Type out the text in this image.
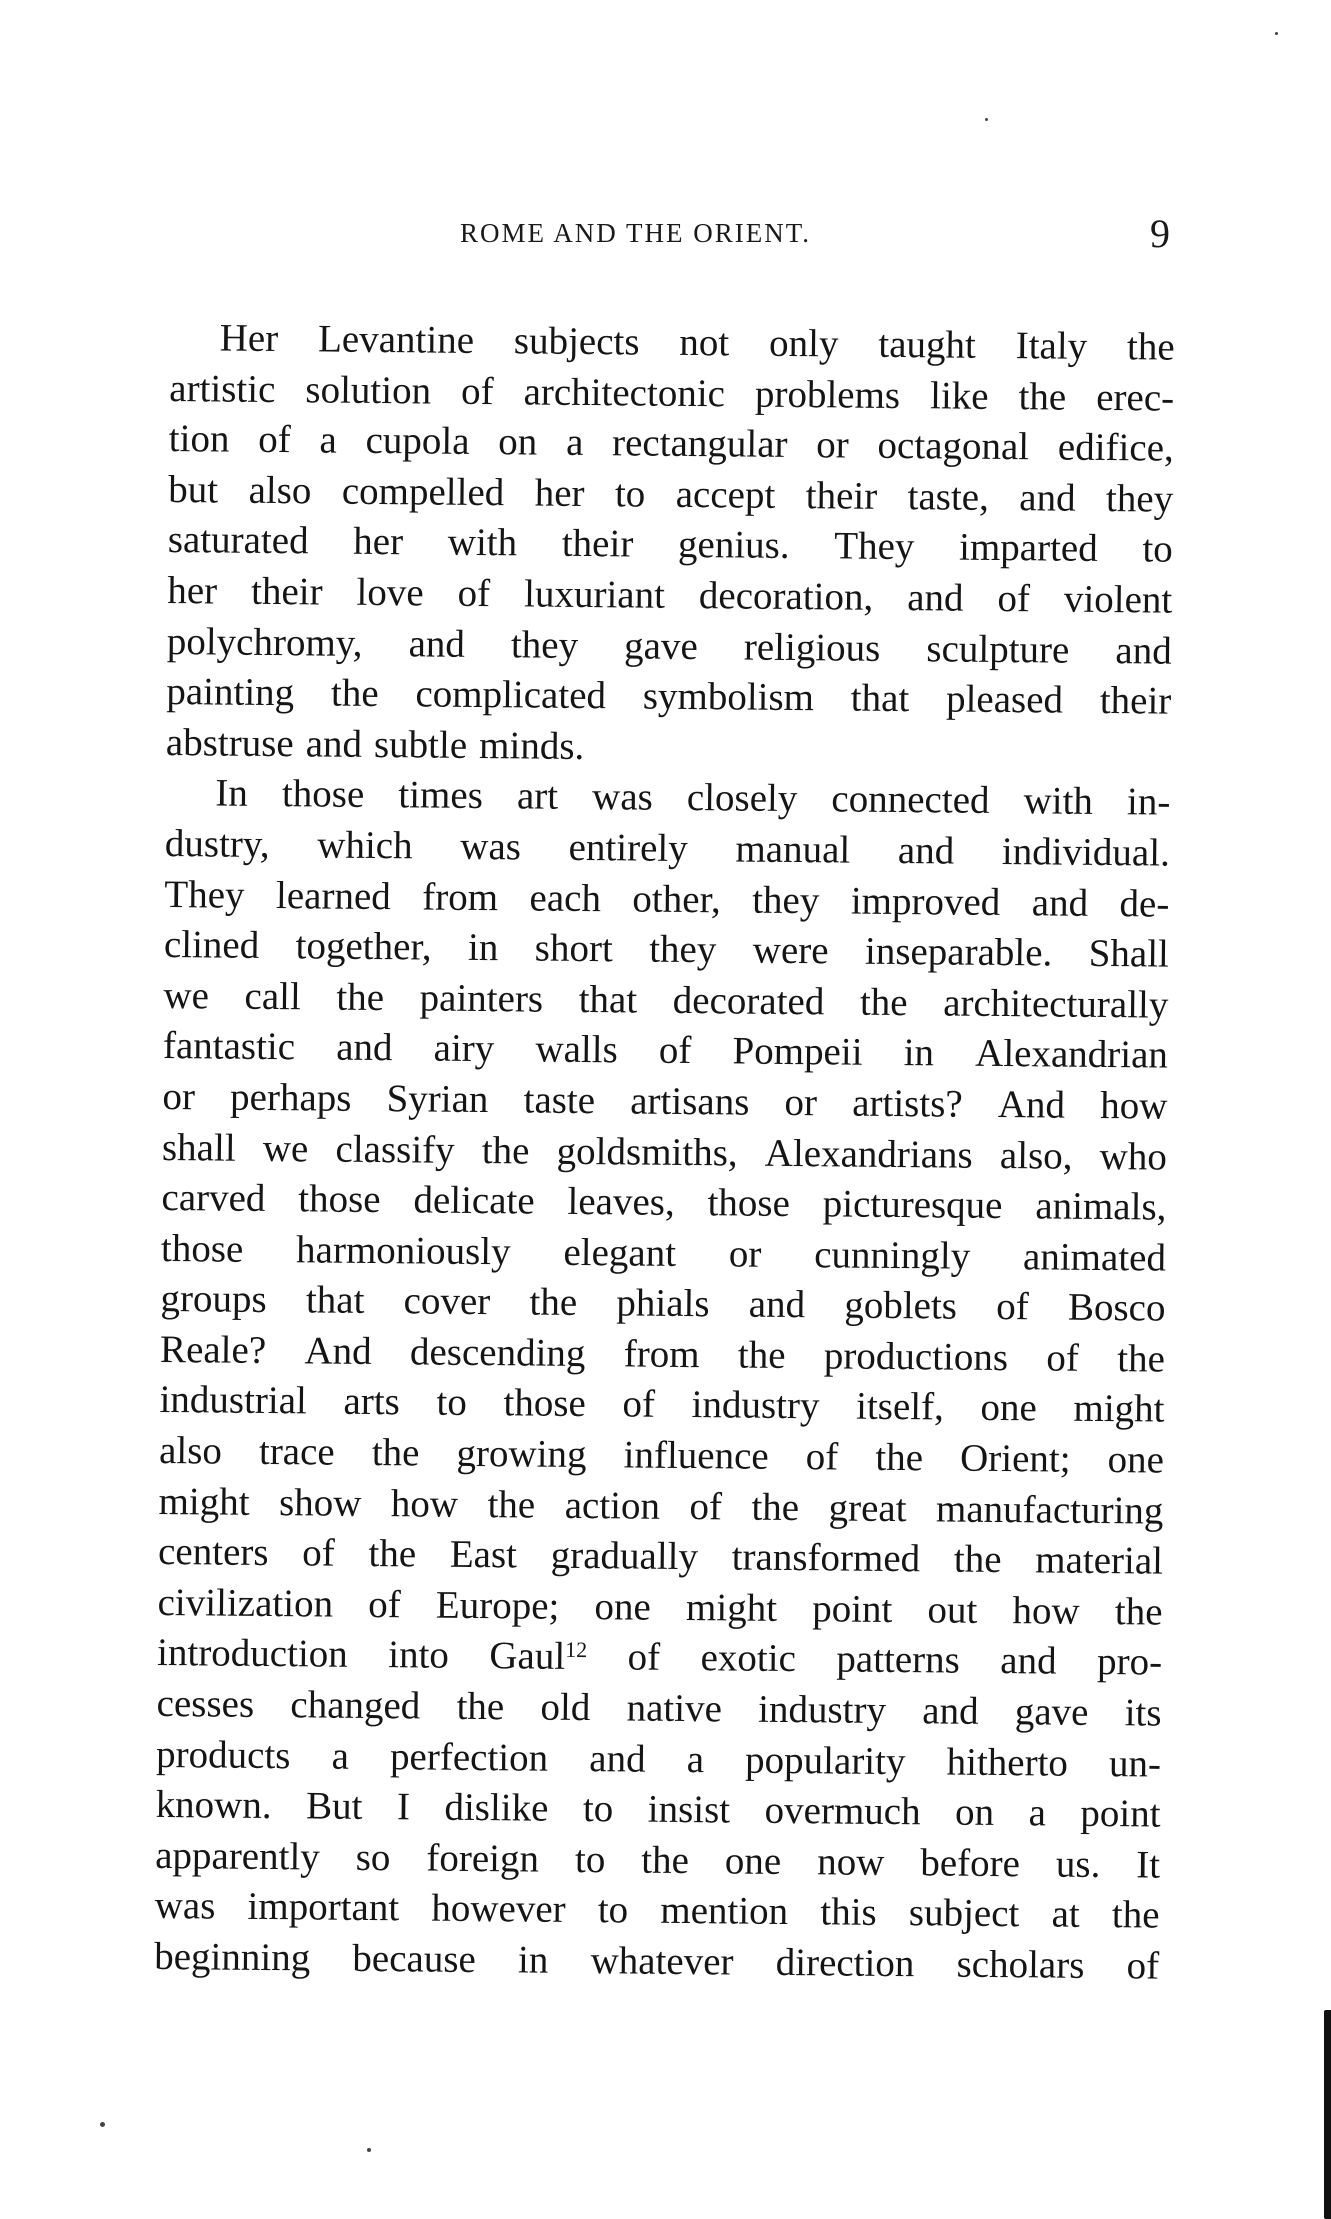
ROME AND THE ORIENT.	9
Her Levantine subjects not only taught Italy the
artistic solution of architectonic problems like the erec-
tion of a cupola on a rectangular or octagonal edifice,
but also compelled her to accept their taste, and they
saturated her with their genius. They imparted to
her their love of luxuriant decoration, and of violent
polychromy, and they gave religious sculpture and
painting the complicated symbolism that pleased their
abstruse and subtle minds.
In those times art was closely connected with in-
dustry, which was entirely manual and individual.
They learned from each other, they improved and de-
clined together, in short they were inseparable. Shall
we call the painters that decorated the architecturally
fantastic and airy walls of Pompeii in Alexandrian
or perhaps Syrian taste artisans or artists? And how
shall we classify the goldsmiths, Alexandrians also, who
carved those delicate leaves, those picturesque animals,
those harmoniously elegant or cunningly animated
groups that cover the phials and goblets of Bosco
Reale? And descending from the productions of the
industrial arts to those of industry itself, one might
also trace the growing influence of the Orient; one
might show how the action of the great manufacturing
centers of the East gradually transformed the material
civilization of Europe; one might point out how the
introduction into Gaul$^{12}$ of exotic patterns and pro-
cesses changed the old native industry and gave its
products a perfection and a popularity hitherto un-
known. But I dislike to insist overmuch on a point
apparently so foreign to the one now before us. It
was important however to mention this subject at the
beginning because in whatever direction scholars of
